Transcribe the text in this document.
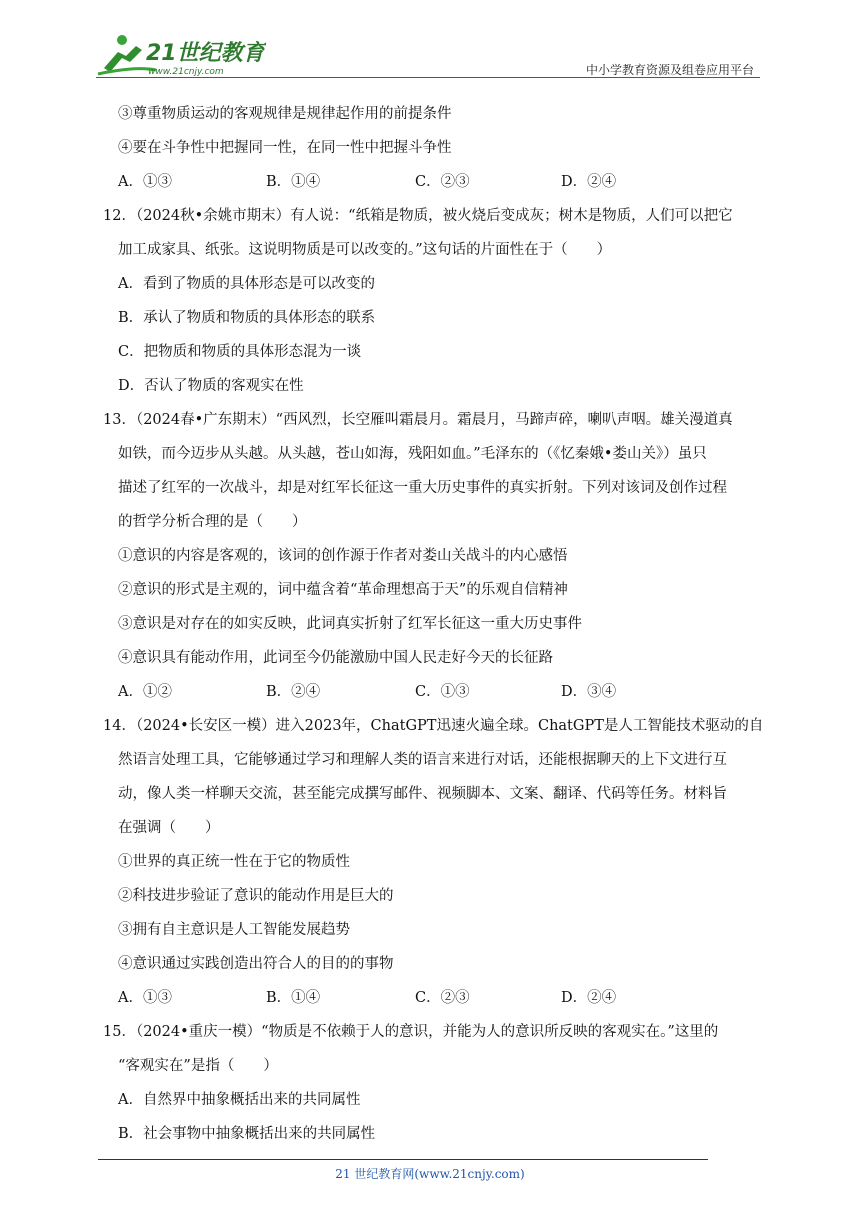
21世纪教育
www.21cnjy.com	中小学教育资源及组卷应用平台
③尊重物质运动的客观规律是规律起作用的前提条件
④要在斗争性中把握同一性，在同一性中把握斗争性
A．①③	B．①④	C．②③	D．②④
12．（2024秋•余姚市期末）有人说：“纸箱是物质，被火烧后变成灰；树木是物质，人们可以把它
加工成家具、纸张。这说明物质是可以改变的。”这句话的片面性在于（　　）
A．看到了物质的具体形态是可以改变的
B．承认了物质和物质的具体形态的联系
C．把物质和物质的具体形态混为一谈
D．否认了物质的客观实在性
13．（2024春•广东期末）“西风烈，长空雁叫霜晨月。霜晨月，马蹄声碎，喇叭声咽。雄关漫道真
如铁，而今迈步从头越。从头越，苍山如海，残阳如血。”毛泽东的（《忆秦娥•娄山关》）虽只
描述了红军的一次战斗，却是对红军长征这一重大历史事件的真实折射。下列对该词及创作过程
的哲学分析合理的是（　　）
①意识的内容是客观的，该词的创作源于作者对娄山关战斗的内心感悟
②意识的形式是主观的，词中蕴含着“革命理想高于天”的乐观自信精神
③意识是对存在的如实反映，此词真实折射了红军长征这一重大历史事件
④意识具有能动作用，此词至今仍能激励中国人民走好今天的长征路
A．①②	B．②④	C．①③	D．③④
14．（2024•长安区一模）进入2023年，ChatGPT迅速火遍全球。ChatGPT是人工智能技术驱动的自
然语言处理工具，它能够通过学习和理解人类的语言来进行对话，还能根据聊天的上下文进行互
动，像人类一样聊天交流，甚至能完成撰写邮件、视频脚本、文案、翻译、代码等任务。材料旨
在强调（　　）
①世界的真正统一性在于它的物质性
②科技进步验证了意识的能动作用是巨大的
③拥有自主意识是人工智能发展趋势
④意识通过实践创造出符合人的目的的事物
A．①③	B．①④	C．②③	D．②④
15．（2024•重庆一模）“物质是不依赖于人的意识，并能为人的意识所反映的客观实在。”这里的
“客观实在”是指（　　）
A．自然界中抽象概括出来的共同属性
B．社会事物中抽象概括出来的共同属性
21 世纪教育网(www.21cnjy.com)
